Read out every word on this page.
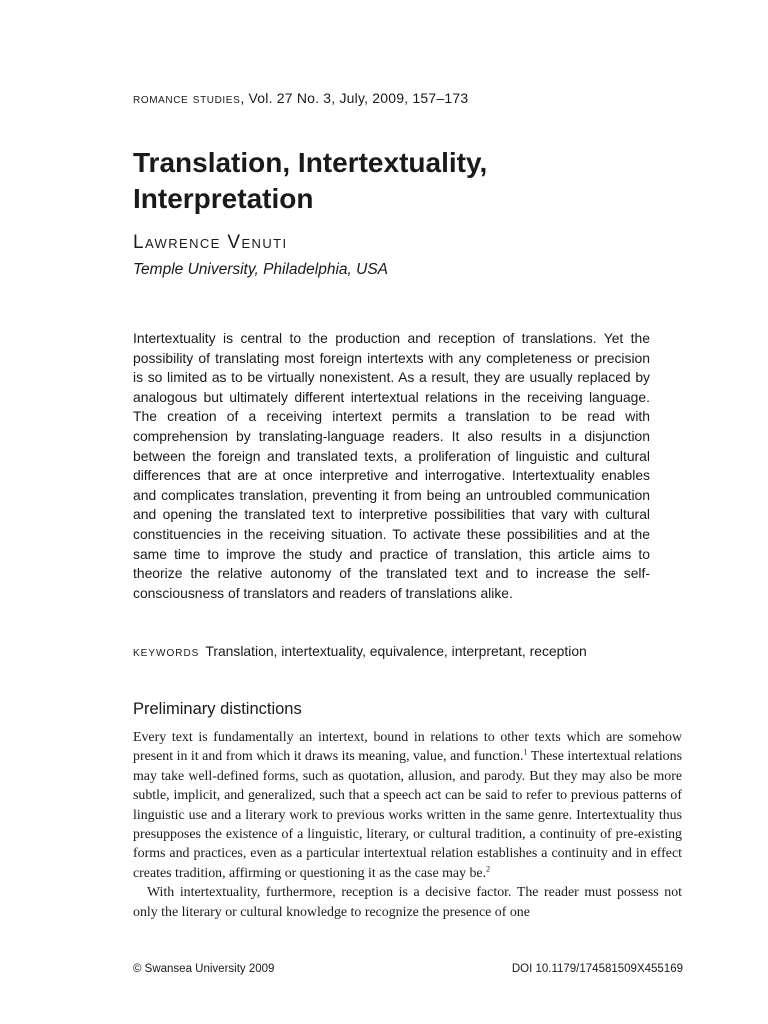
romance studies, Vol. 27 No. 3, July, 2009, 157–173
Translation, Intertextuality, Interpretation
Lawrence Venuti
Temple University, Philadelphia, USA

Intertextuality is central to the production and reception of translations. Yet the possibility of translating most foreign intertexts with any completeness or precision is so limited as to be virtually nonexistent. As a result, they are usually replaced by analogous but ultimately different intertextual relations in the receiving language. The creation of a receiving intertext permits a translation to be read with comprehension by translating-language readers. It also results in a disjunction between the foreign and translated texts, a proliferation of linguistic and cultural differences that are at once interpretive and interrogative. Intertextuality enables and complicates translation, preventing it from being an untroubled communication and opening the translated text to interpretive possibilities that vary with cultural constituencies in the receiving situation. To activate these possibilities and at the same time to improve the study and practice of translation, this article aims to theorize the relative autonomy of the translated text and to increase the self-consciousness of translators and readers of translations alike.

keywords Translation, intertextuality, equivalence, interpretant, reception
Preliminary distinctions

Every text is fundamentally an intertext, bound in relations to other texts which are somehow present in it and from which it draws its meaning, value, and function.$^1$ These intertextual relations may take well-defined forms, such as quotation, allusion, and parody. But they may also be more subtle, implicit, and generalized, such that a speech act can be said to refer to previous patterns of linguistic use and a literary work to previous works written in the same genre. Intertextuality thus presupposes the existence of a linguistic, literary, or cultural tradition, a continuity of pre-existing forms and practices, even as a particular intertextual relation establishes a continuity and in effect creates tradition, affirming or questioning it as the case may be.$^2$

With intertextuality, furthermore, reception is a decisive factor. The reader must possess not only the literary or cultural knowledge to recognize the presence of one

© Swansea University 2009	DOI 10.1179/174581509X455169
